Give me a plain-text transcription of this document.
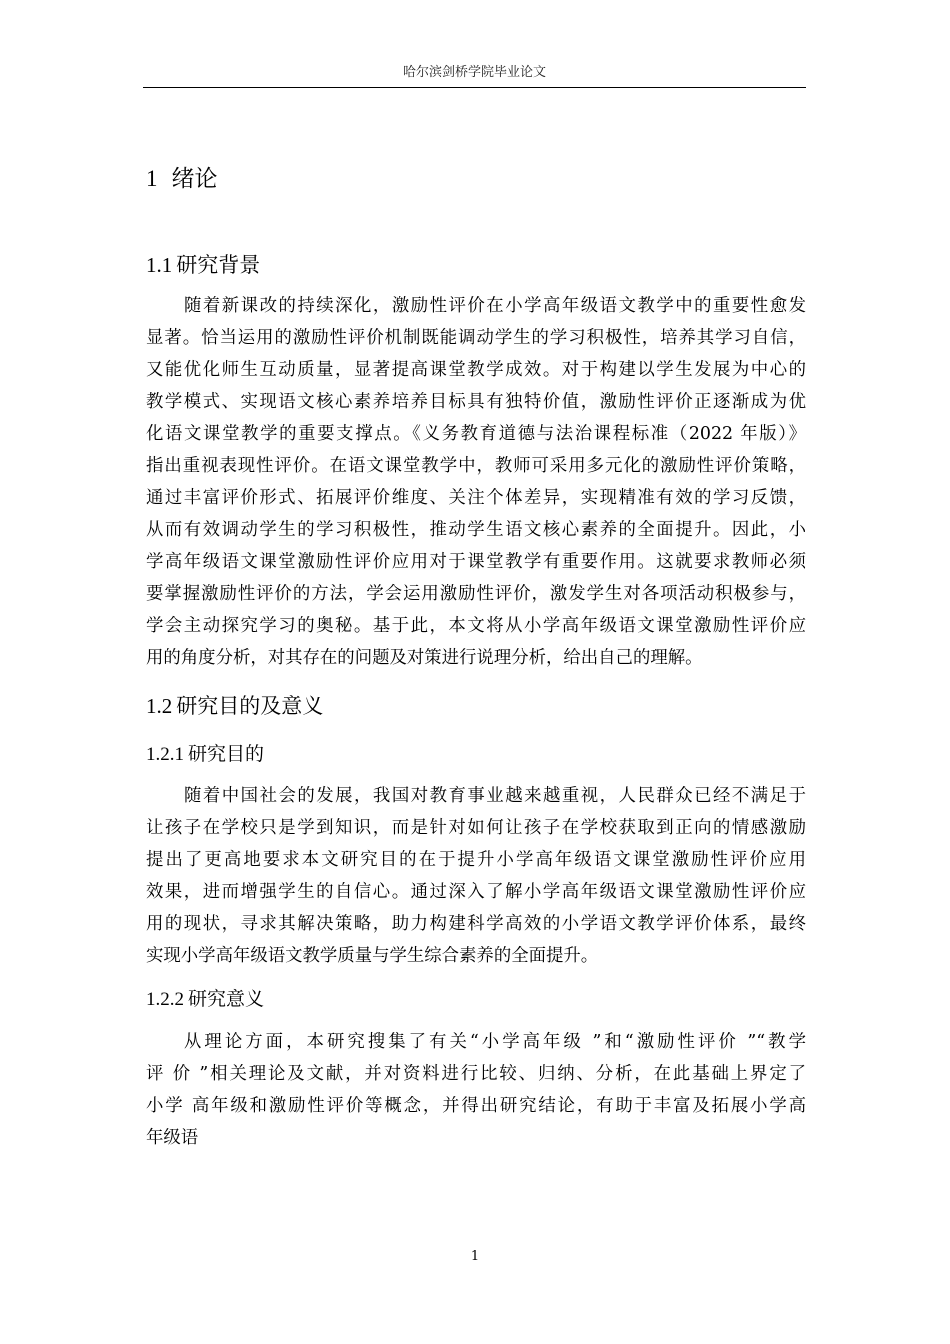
哈尔滨剑桥学院毕业论文
1 绪论
1.1 研究背景
随着新课改的持续深化，激励性评价在小学高年级语文教学中的重要性愈发
显著。恰当运用的激励性评价机制既能调动学生的学习积极性，培养其学习自信，
又能优化师生互动质量，显著提高课堂教学成效。对于构建以学生发展为中心的
教学模式、实现语文核心素养培养目标具有独特价值，激励性评价正逐渐成为优
化语文课堂教学的重要支撑点。《义务教育道德与法治课程标准（2022 年版）》
指出重视表现性评价。在语文课堂教学中，教师可采用多元化的激励性评价策略，
通过丰富评价形式、拓展评价维度、关注个体差异，实现精准有效的学习反馈，
从而有效调动学生的学习积极性，推动学生语文核心素养的全面提升。因此，小
学高年级语文课堂激励性评价应用对于课堂教学有重要作用。这就要求教师必须
要掌握激励性评价的方法，学会运用激励性评价，激发学生对各项活动积极参与，
学会主动探究学习的奥秘。基于此，本文将从小学高年级语文课堂激励性评价应
用的角度分析，对其存在的问题及对策进行说理分析，给出自己的理解。
1.2 研究目的及意义
1.2.1 研究目的
随着中国社会的发展，我国对教育事业越来越重视，人民群众已经不满足于
让孩子在学校只是学到知识，而是针对如何让孩子在学校获取到正向的情感激励
提出了更高地要求本文研究目的在于提升小学高年级语文课堂激励性评价应用
效果，进而增强学生的自信心。通过深入了解小学高年级语文课堂激励性评价应
用的现状，寻求其解决策略，助力构建科学高效的小学语文教学评价体系，最终
实现小学高年级语文教学质量与学生综合素养的全面提升。
1.2.2 研究意义
从理论方面，本研究搜集了有关“小学高年级 ”和“激励性评价 ”“教学
评 价 ”相关理论及文献，并对资料进行比较、归纳、分析，在此基础上界定了
小学 高年级和激励性评价等概念，并得出研究结论，有助于丰富及拓展小学高
年级语
1
